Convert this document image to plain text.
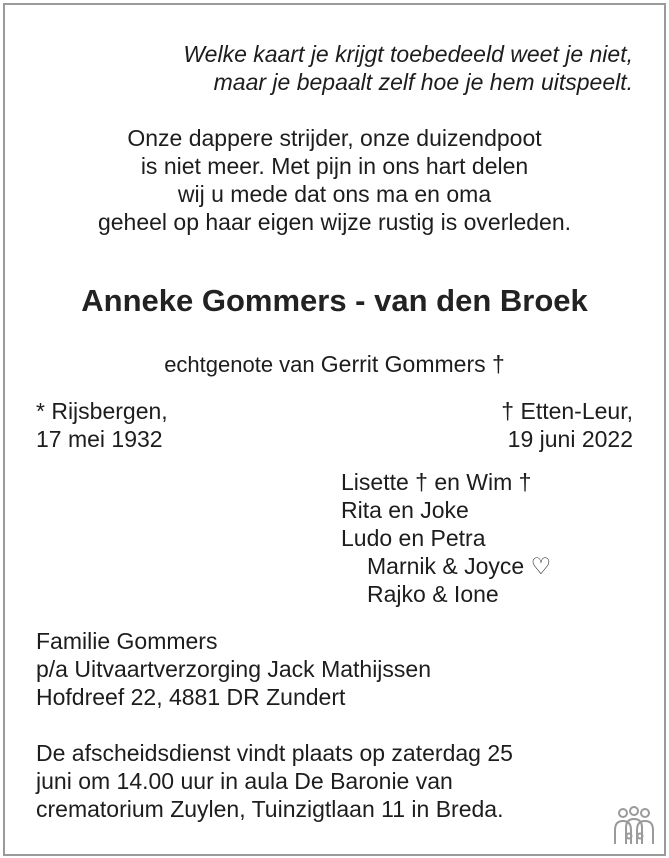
Welke kaart je krijgt toebedeeld weet je niet,
maar je bepaalt zelf hoe je hem uitspeelt.
Onze dappere strijder, onze duizendpoot
is niet meer. Met pijn in ons hart delen
wij u mede dat ons ma en oma
geheel op haar eigen wijze rustig is overleden.
Anneke Gommers - van den Broek
echtgenote van Gerrit Gommers †
* Rijsbergen,
17 mei 1932
† Etten-Leur,
19 juni 2022
Lisette † en Wim †
Rita en Joke
Ludo en Petra
Marnik & Joyce ♡
Rajko & Ione
Familie Gommers
p/a Uitvaartverzorging Jack Mathijssen
Hofdreef 22, 4881 DR Zundert
De afscheidsdienst vindt plaats op zaterdag 25
juni om 14.00 uur in aula De Baronie van
crematorium Zuylen, Tuinzigtlaan 11 in Breda.
